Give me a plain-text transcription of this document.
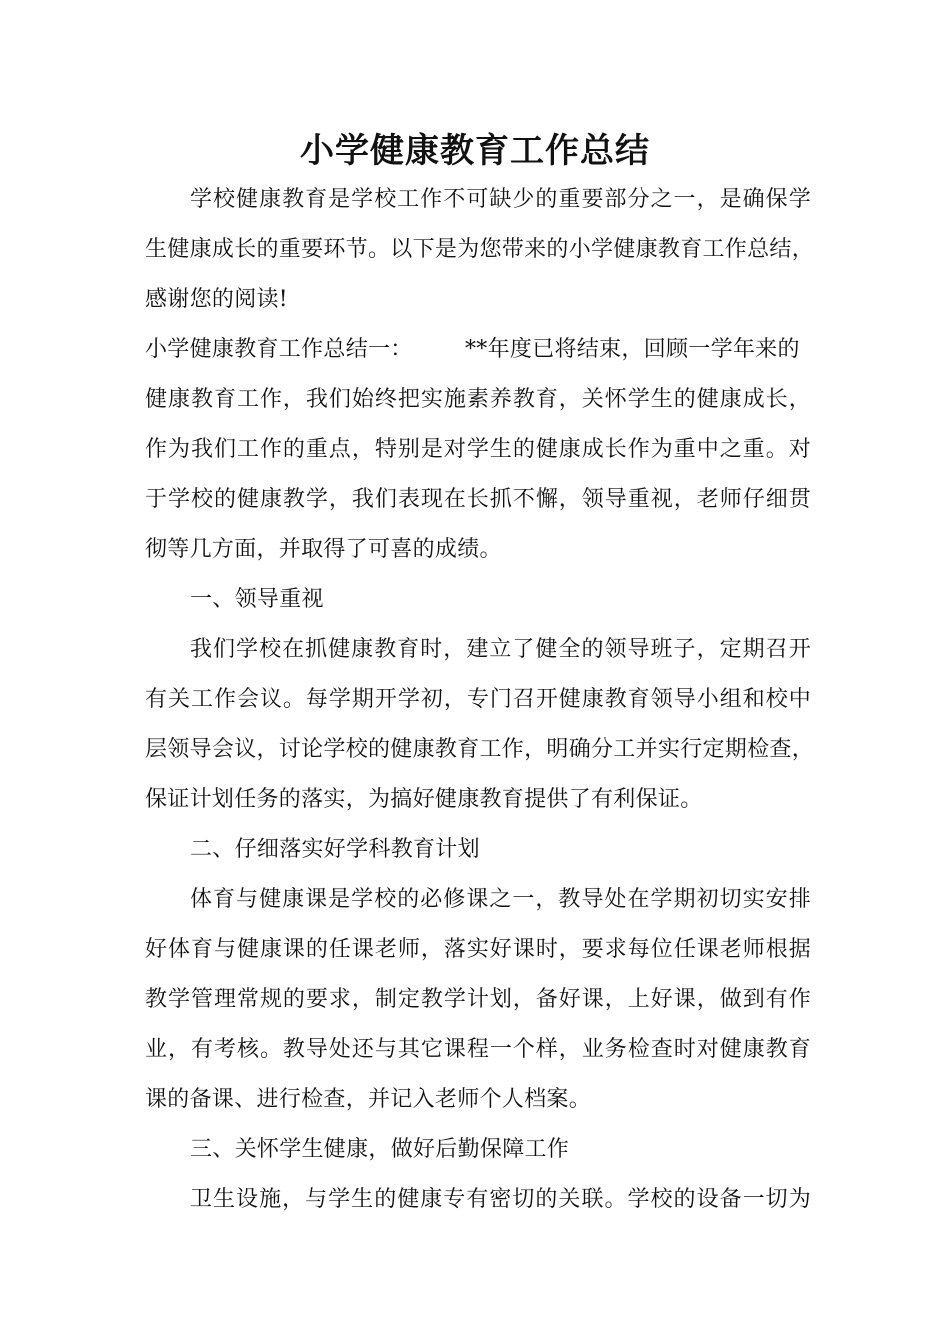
小学健康教育工作总结

学校健康教育是学校工作不可缺少的重要部分之一，是确保学

生健康成长的重要环节。以下是为您带来的小学健康教育工作总结，

感谢您的阅读!

小学健康教育工作总结一： **年度已将结束，回顾一学年来的

健康教育工作，我们始终把实施素养教育，关怀学生的健康成长，

作为我们工作的重点，特别是对学生的健康成长作为重中之重。对

于学校的健康教学，我们表现在长抓不懈，领导重视，老师仔细贯

彻等几方面，并取得了可喜的成绩。

一、领导重视

我们学校在抓健康教育时，建立了健全的领导班子，定期召开

有关工作会议。每学期开学初，专门召开健康教育领导小组和校中

层领导会议，讨论学校的健康教育工作，明确分工并实行定期检查，

保证计划任务的落实，为搞好健康教育提供了有利保证。

二、仔细落实好学科教育计划

体育与健康课是学校的必修课之一，教导处在学期初切实安排

好体育与健康课的任课老师，落实好课时，要求每位任课老师根据

教学管理常规的要求，制定教学计划，备好课，上好课，做到有作

业，有考核。教导处还与其它课程一个样，业务检查时对健康教育

课的备课、进行检查，并记入老师个人档案。

三、关怀学生健康，做好后勤保障工作

卫生设施，与学生的健康专有密切的关联。学校的设备一切为
